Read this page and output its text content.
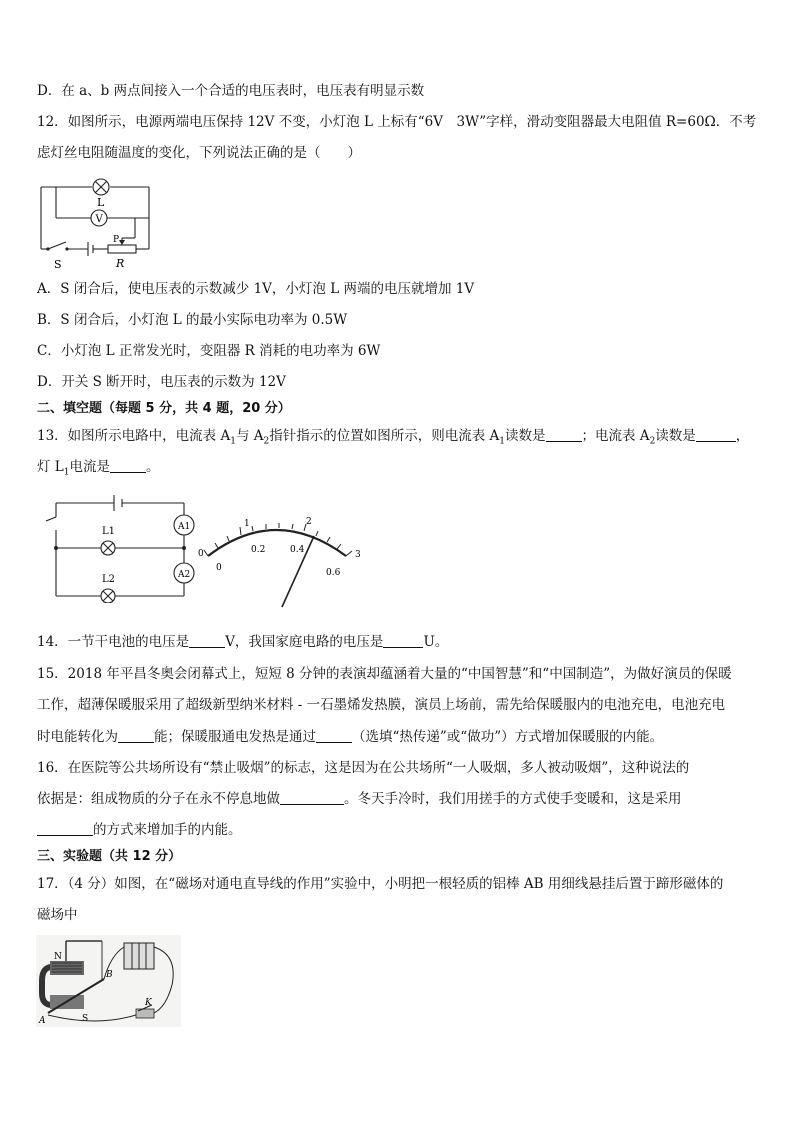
D．在 a、b 两点间接入一个合适的电压表时，电压表有明显示数
12．如图所示，电源两端电压保持 12V 不变，小灯泡 L 上标有“6V　3W”字样，滑动变阻器最大电阻值 R=60Ω．不考
虑灯丝电阻随温度的变化，下列说法正确的是（　　）
L
V
S
P
R
A．S 闭合后，使电压表的示数减少 1V，小灯泡 L 两端的电压就增加 1V
B．S 闭合后，小灯泡 L 的最小实际电功率为 0.5W
C．小灯泡 L 正常发光时，变阻器 R 消耗的电功率为 6W
D．开关 S 断开时，电压表的示数为 12V
二、填空题（每题 5 分，共 4 题，20 分）
13．如图所示电路中，电流表 $A_1$与 $A_2$指针指示的位置如图所示，则电流表 $A_1$读数是	；电流表 $A_2$读数是	，
灯 $L_1$电流是	。
L1
L2
A1
A2
0
1	2
3
0
0.2	0.4
0.6
14．一节干电池的电压是	V，我国家庭电路的电压是	U。
15．2018 年平昌冬奥会闭幕式上，短短 8 分钟的表演却蕴涵着大量的“中国智慧”和“中国制造”，为做好演员的保暖
工作，超薄保暖服采用了超级新型纳米材料 - 一石墨烯发热膜，演员上场前，需先给保暖服内的电池充电，电池充电
时电能转化为	能；保暖服通电发热是通过	（选填“热传递”或“做功”）方式增加保暖服的内能。
16．在医院等公共场所设有“禁止吸烟”的标志，这是因为在公共场所“一人吸烟，多人被动吸烟”，这种说法的
依据是：组成物质的分子在永不停息地做	。冬天手冷时，我们用搓手的方式使手变暖和，这是采用
的方式来增加手的内能。
三、实验题（共 12 分）
17．（4 分）如图，在“磁场对通电直导线的作用”实验中，小明把一根轻质的铝棒 AB 用细线悬挂后置于蹄形磁体的
磁场中
N
S
A
B
K
